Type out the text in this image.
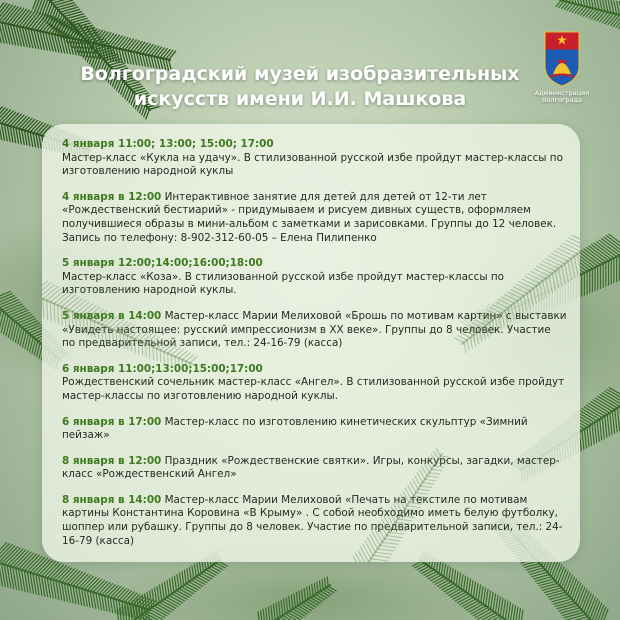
Волгоградский музей изобразительных
искусств имени И.И. Машкова	Администрация
Волгограда
4 января 11:00; 13:00; 15:00; 17:00
Мастер-класс «Кукла на удачу». В стилизованной русской избе пройдут мастер-классы по изготовлению народной куклы
4 января в 12:00 Интерактивное занятие для детей для детей от 12-ти лет «Рождественский бестиарий» - придумываем и рисуем дивных существ, оформляем получившиеся образы в мини-альбом с заметками и зарисовками. Группы до 12 человек.
Запись по телефону: 8-902-312-60-05 – Елена Пилипенко
5 января 12:00;14:00;16:00;18:00
Мастер-класс «Коза». В стилизованной русской избе пройдут мастер-классы по изготовлению народной куклы.
5 января в 14:00 Мастер-класс Марии Мелиховой «Брошь по мотивам картин» с выставки «Увидеть настоящее: русский импрессионизм в XX веке». Группы до 8 человек. Участие по предварительной записи, тел.: 24-16-79 (касса)
6 января 11:00;13:00;15:00;17:00
Рождественский сочельник мастер-класс «Ангел». В стилизованной русской избе пройдут мастер-классы по изготовлению народной куклы.
6 января в 17:00 Мастер-класс по изготовлению кинетических скульптур «Зимний пейзаж»
8 января в 12:00 Праздник «Рождественские святки». Игры, конкурсы, загадки, мастер-класс «Рождественский Ангел»
8 января в 14:00 Мастер-класс Марии Мелиховой «Печать на текстиле по мотивам картины Константина Коровина «В Крыму» . С собой необходимо иметь белую футболку, шоппер или рубашку. Группы до 8 человек. Участие по предварительной записи, тел.: 24-16-79 (касса)
